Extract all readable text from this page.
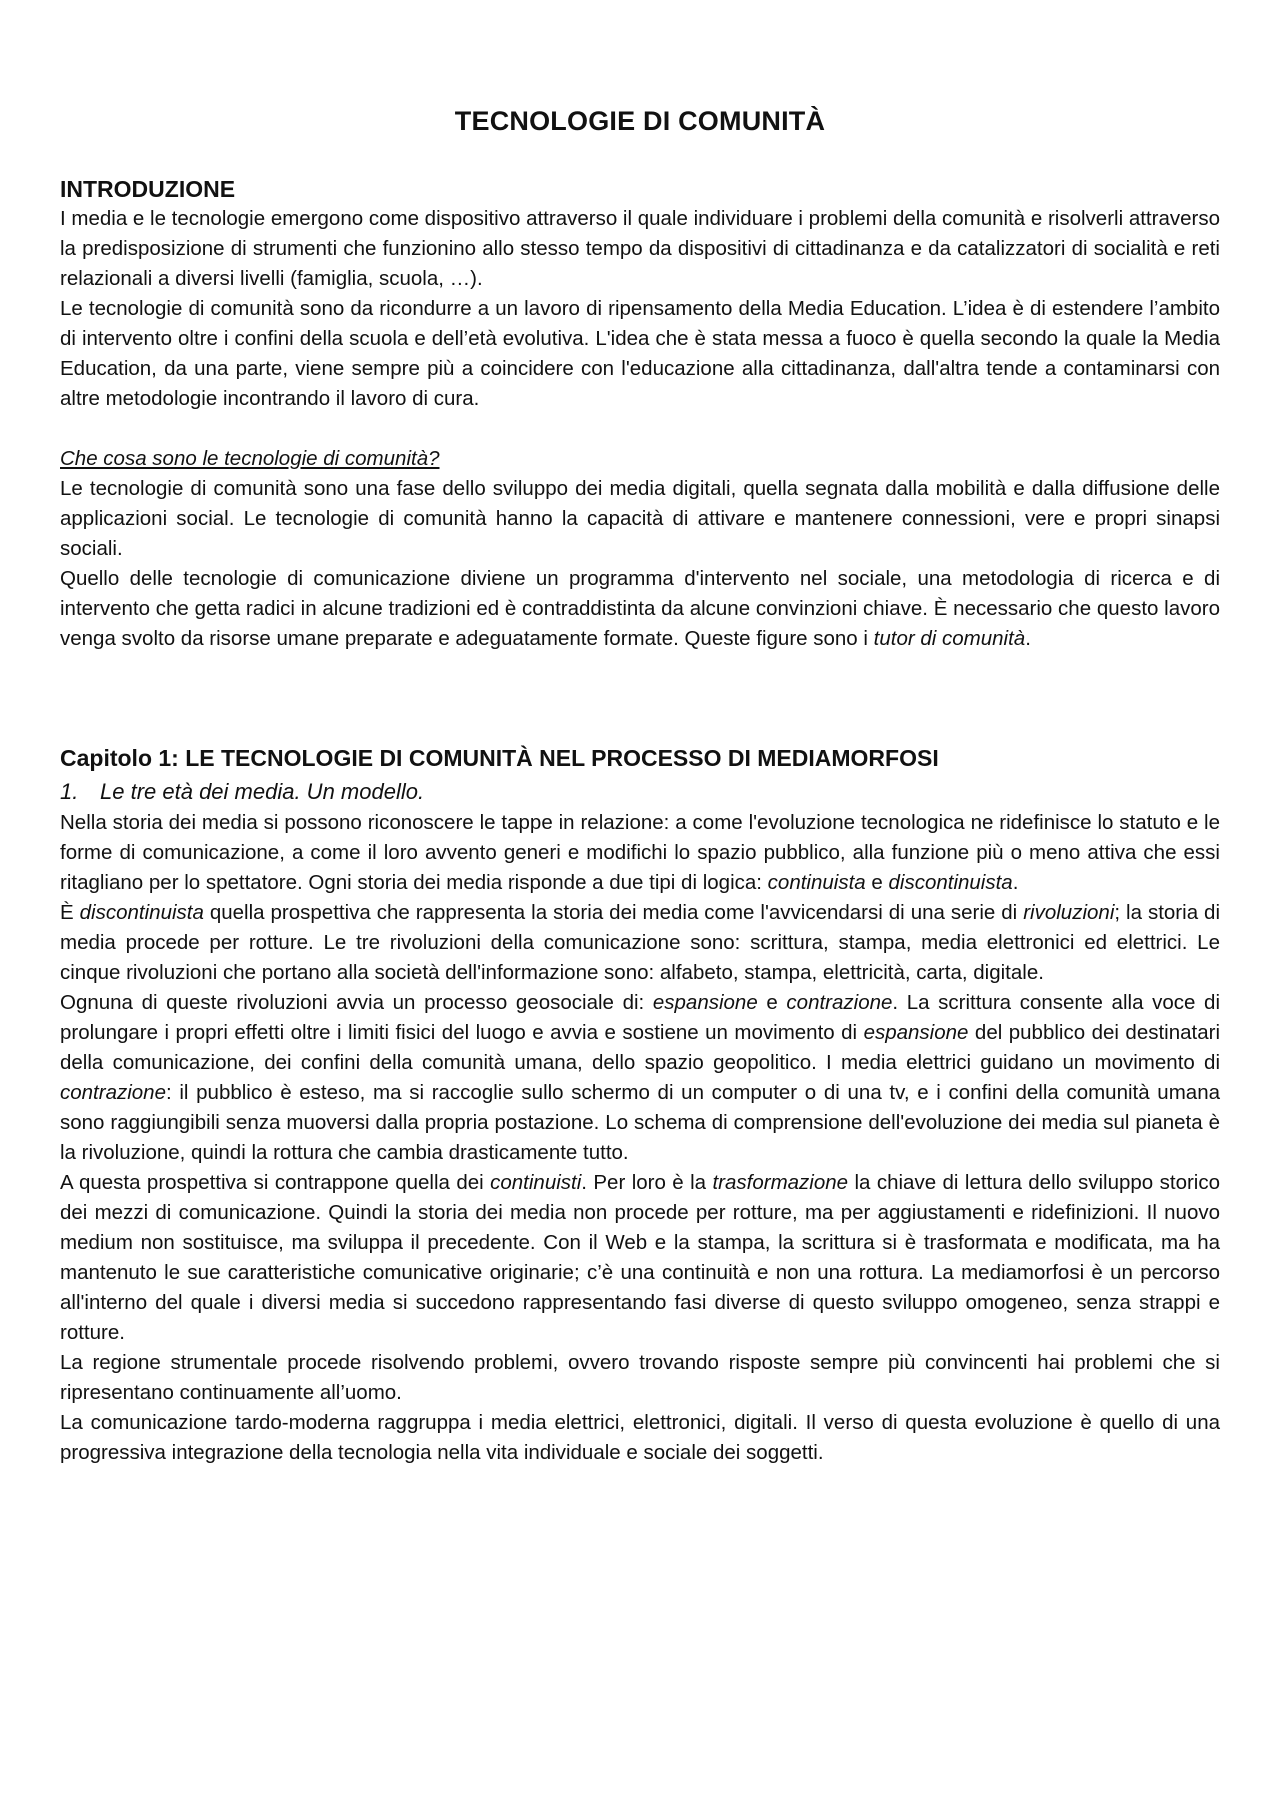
TECNOLOGIE DI COMUNITÀ
INTRODUZIONE

I media e le tecnologie emergono come dispositivo attraverso il quale individuare i problemi della comunità e risolverli attraverso la predisposizione di strumenti che funzionino allo stesso tempo da dispositivi di cittadinanza e da catalizzatori di socialità e reti relazionali a diversi livelli (famiglia, scuola, …).

Le tecnologie di comunità sono da ricondurre a un lavoro di ripensamento della Media Education. L’idea è di estendere l’ambito di intervento oltre i confini della scuola e dell’età evolutiva. L'idea che è stata messa a fuoco è quella secondo la quale la Media Education, da una parte, viene sempre più a coincidere con l'educazione alla cittadinanza, dall'altra tende a contaminarsi con altre metodologie incontrando il lavoro di cura.

Che cosa sono le tecnologie di comunità?

Le tecnologie di comunità sono una fase dello sviluppo dei media digitali, quella segnata dalla mobilità e dalla diffusione delle applicazioni social. Le tecnologie di comunità hanno la capacità di attivare e mantenere connessioni, vere e propri sinapsi sociali.

Quello delle tecnologie di comunicazione diviene un programma d'intervento nel sociale, una metodologia di ricerca e di intervento che getta radici in alcune tradizioni ed è contraddistinta da alcune convinzioni chiave. È necessario che questo lavoro venga svolto da risorse umane preparate e adeguatamente formate. Queste figure sono i tutor di comunità.

Capitolo 1: LE TECNOLOGIE DI COMUNITÀ NEL PROCESSO DI MEDIAMORFOSI
1. Le tre età dei media. Un modello.

Nella storia dei media si possono riconoscere le tappe in relazione: a come l'evoluzione tecnologica ne ridefinisce lo statuto e le forme di comunicazione, a come il loro avvento generi e modifichi lo spazio pubblico, alla funzione più o meno attiva che essi ritagliano per lo spettatore. Ogni storia dei media risponde a due tipi di logica: continuista e discontinuista.

È discontinuista quella prospettiva che rappresenta la storia dei media come l'avvicendarsi di una serie di rivoluzioni; la storia di media procede per rotture. Le tre rivoluzioni della comunicazione sono: scrittura, stampa, media elettronici ed elettrici. Le cinque rivoluzioni che portano alla società dell'informazione sono: alfabeto, stampa, elettricità, carta, digitale.

Ognuna di queste rivoluzioni avvia un processo geosociale di: espansione e contrazione. La scrittura consente alla voce di prolungare i propri effetti oltre i limiti fisici del luogo e avvia e sostiene un movimento di espansione del pubblico dei destinatari della comunicazione, dei confini della comunità umana, dello spazio geopolitico. I media elettrici guidano un movimento di contrazione: il pubblico è esteso, ma si raccoglie sullo schermo di un computer o di una tv, e i confini della comunità umana sono raggiungibili senza muoversi dalla propria postazione. Lo schema di comprensione dell'evoluzione dei media sul pianeta è la rivoluzione, quindi la rottura che cambia drasticamente tutto.

A questa prospettiva si contrappone quella dei continuisti. Per loro è la trasformazione la chiave di lettura dello sviluppo storico dei mezzi di comunicazione. Quindi la storia dei media non procede per rotture, ma per aggiustamenti e ridefinizioni. Il nuovo medium non sostituisce, ma sviluppa il precedente. Con il Web e la stampa, la scrittura si è trasformata e modificata, ma ha mantenuto le sue caratteristiche comunicative originarie; c’è una continuità e non una rottura. La mediamorfosi è un percorso all'interno del quale i diversi media si succedono rappresentando fasi diverse di questo sviluppo omogeneo, senza strappi e rotture.

La regione strumentale procede risolvendo problemi, ovvero trovando risposte sempre più convincenti hai problemi che si ripresentano continuamente all’uomo.

La comunicazione tardo-moderna raggruppa i media elettrici, elettronici, digitali. Il verso di questa evoluzione è quello di una progressiva integrazione della tecnologia nella vita individuale e sociale dei soggetti.
